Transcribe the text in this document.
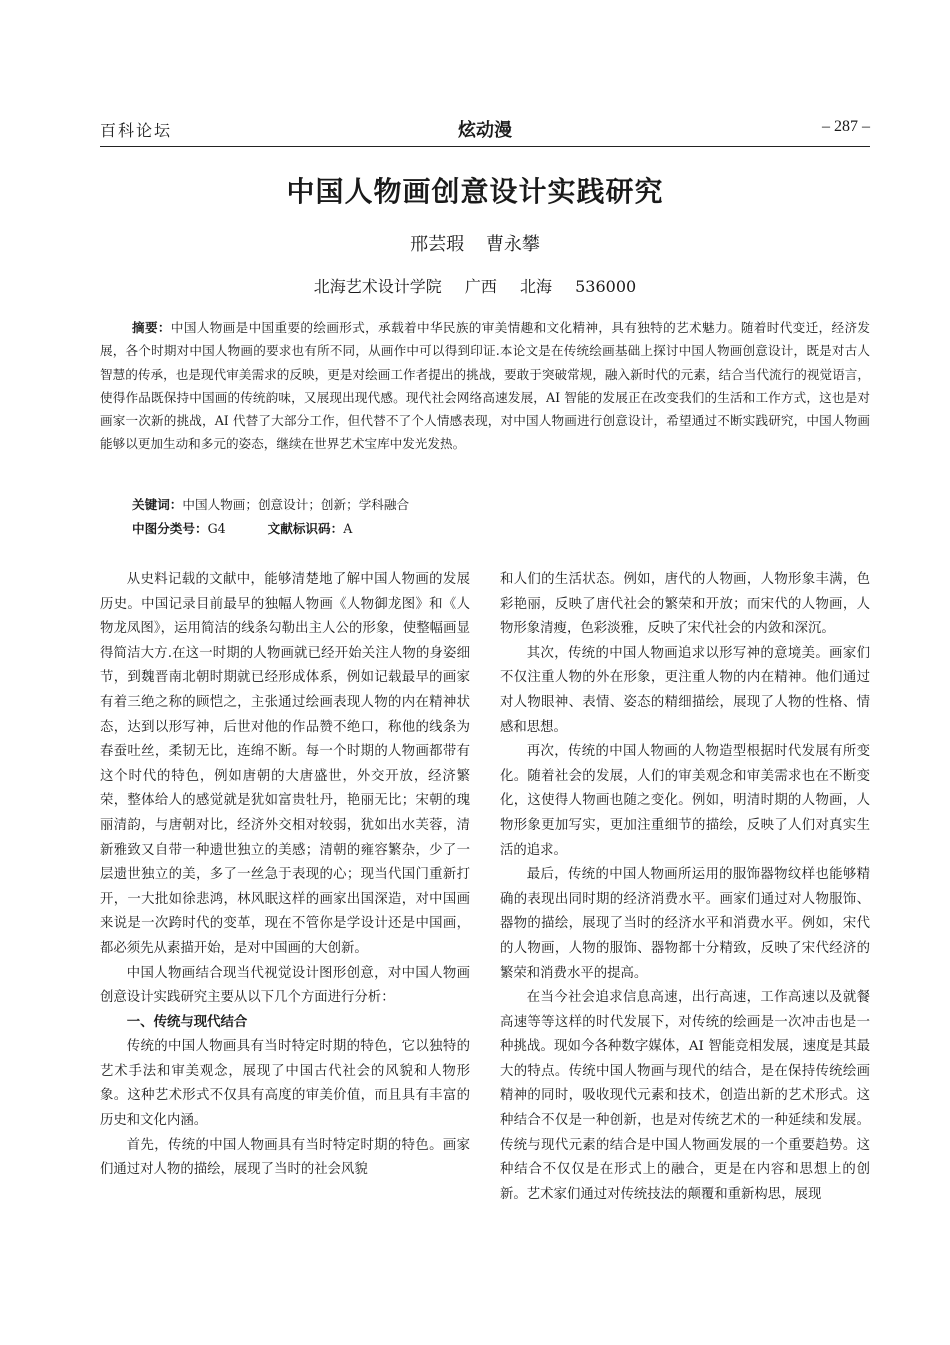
百科论坛	炫动漫	– 287 –
中国人物画创意设计实践研究
邢芸瑕 曹永攀
北海艺术设计学院 广西 北海 536000
摘要：中国人物画是中国重要的绘画形式，承载着中华民族的审美情趣和文化精神，具有独特的艺术魅力。随着时代变迁，经济发展，各个时期对中国人物画的要求也有所不同，从画作中可以得到印证.本论文是在传统绘画基础上探讨中国人物画创意设计，既是对古人智慧的传承，也是现代审美需求的反映，更是对绘画工作者提出的挑战，要敢于突破常规，融入新时代的元素，结合当代流行的视觉语言，使得作品既保持中国画的传统韵味，又展现出现代感。现代社会网络高速发展，AI 智能的发展正在改变我们的生活和工作方式，这也是对画家一次新的挑战，AI 代替了大部分工作，但代替不了个人情感表现，对中国人物画进行创意设计，希望通过不断实践研究，中国人物画能够以更加生动和多元的姿态，继续在世界艺术宝库中发光发热。
关键词：中国人物画；创意设计；创新；学科融合
中图分类号：G4	文献标识码：A

从史料记载的文献中，能够清楚地了解中国人物画的发展历史。中国记录目前最早的独幅人物画《人物御龙图》和《人物龙凤图》，运用简洁的线条勾勒出主人公的形象，使整幅画显得简洁大方.在这一时期的人物画就已经开始关注人物的身姿细节，到魏晋南北朝时期就已经形成体系，例如记载最早的画家有着三绝之称的顾恺之，主张通过绘画表现人物的内在精神状态，达到以形写神，后世对他的作品赞不绝口，称他的线条为春蚕吐丝，柔韧无比，连绵不断。每一个时期的人物画都带有这个时代的特色，例如唐朝的大唐盛世，外交开放，经济繁荣，整体给人的感觉就是犹如富贵牡丹，艳丽无比；宋朝的瑰丽清韵，与唐朝对比，经济外交相对较弱，犹如出水芙蓉，清新雅致又自带一种遗世独立的美感；清朝的雍容繁杂，少了一层遗世独立的美，多了一丝急于表现的心；现当代国门重新打开，一大批如徐悲鸿，林风眠这样的画家出国深造，对中国画来说是一次跨时代的变革，现在不管你是学设计还是中国画，都必须先从素描开始，是对中国画的大创新。

中国人物画结合现当代视觉设计图形创意，对中国人物画创意设计实践研究主要从以下几个方面进行分析：

一、传统与现代结合

传统的中国人物画具有当时特定时期的特色，它以独特的艺术手法和审美观念，展现了中国古代社会的风貌和人物形象。这种艺术形式不仅具有高度的审美价值，而且具有丰富的历史和文化内涵。

首先，传统的中国人物画具有当时特定时期的特色。画家们通过对人物的描绘，展现了当时的社会风貌

和人们的生活状态。例如，唐代的人物画，人物形象丰满，色彩艳丽，反映了唐代社会的繁荣和开放；而宋代的人物画，人物形象清瘦，色彩淡雅，反映了宋代社会的内敛和深沉。

其次，传统的中国人物画追求以形写神的意境美。画家们不仅注重人物的外在形象，更注重人物的内在精神。他们通过对人物眼神、表情、姿态的精细描绘，展现了人物的性格、情感和思想。

再次，传统的中国人物画的人物造型根据时代发展有所变化。随着社会的发展，人们的审美观念和审美需求也在不断变化，这使得人物画也随之变化。例如，明清时期的人物画，人物形象更加写实，更加注重细节的描绘，反映了人们对真实生活的追求。

最后，传统的中国人物画所运用的服饰器物纹样也能够精确的表现出同时期的经济消费水平。画家们通过对人物服饰、器物的描绘，展现了当时的经济水平和消费水平。例如，宋代的人物画，人物的服饰、器物都十分精致，反映了宋代经济的繁荣和消费水平的提高。

在当今社会追求信息高速，出行高速，工作高速以及就餐高速等等这样的时代发展下，对传统的绘画是一次冲击也是一种挑战。现如今各种数字媒体，AI 智能竞相发展，速度是其最大的特点。传统中国人物画与现代的结合，是在保持传统绘画精神的同时，吸收现代元素和技术，创造出新的艺术形式。这种结合不仅是一种创新，也是对传统艺术的一种延续和发展。传统与现代元素的结合是中国人物画发展的一个重要趋势。这种结合不仅仅是在形式上的融合，更是在内容和思想上的创新。艺术家们通过对传统技法的颠覆和重新构思，展现
